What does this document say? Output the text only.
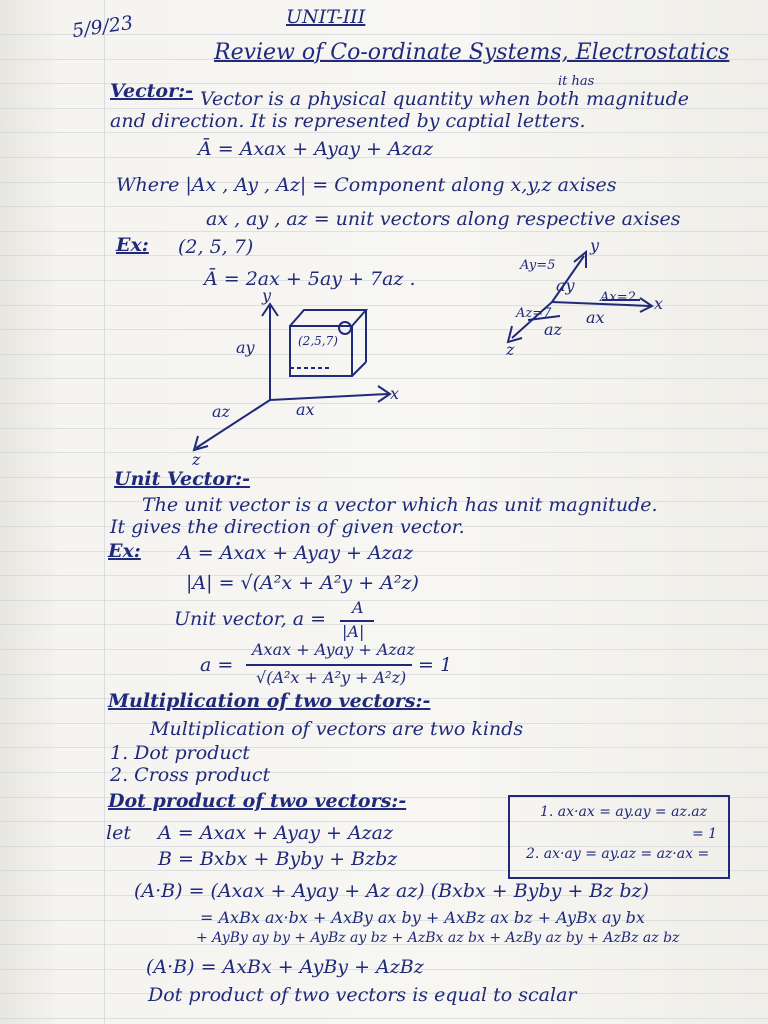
5/9/23	UNIT-III
Review of Co-ordinate Systems, Electrostatics
Vector:-	it has
Vector is a physical quantity when both magnitude
and direction. It is represented by captial letters.
Ā = Axax + Ayay + Azaz
Where |Ax , Ay , Az| = Component along x,y,z axises
ax , ay , az = unit vectors along respective axises
Ex: (2, 5, 7)
Ā = 2ax + 5ay + 7az .
y
x
z
ay
ax
az
(2,5,7)
y
x
z
Ay=5
ay
Ax=2
ax
Az=7
az
Unit Vector:-
The unit vector is a vector which has unit magnitude.
It gives the direction of given vector.
Ex: A = Axax + Ayay + Azaz
|A| = √(A²x + A²y + A²z)
Unit vector, a =
A
|A|
a =
Axax + Ayay + Azaz
√(A²x + A²y + A²z)
= 1
Multiplication of two vectors:-
Multiplication of vectors are two kinds
1. Dot product
2. Cross product
Dot product of two vectors:-	1. ax·ax = ay.ay = az.az
= 1
2. ax·ay = ay.az = az·ax =
let A = Axax + Ayay + Azaz
B = Bxbx + Byby + Bzbz
(A·B) = (Axax + Ayay + Az az) (Bxbx + Byby + Bz bz)
= AxBx ax·bx + AxBy ax by + AxBz ax bz + AyBx ay bx
+ AyBy ay by + AyBz ay bz + AzBx az bx + AzBy az by + AzBz az bz
(A·B) = AxBx + AyBy + AzBz
Dot product of two vectors is equal to scalar
